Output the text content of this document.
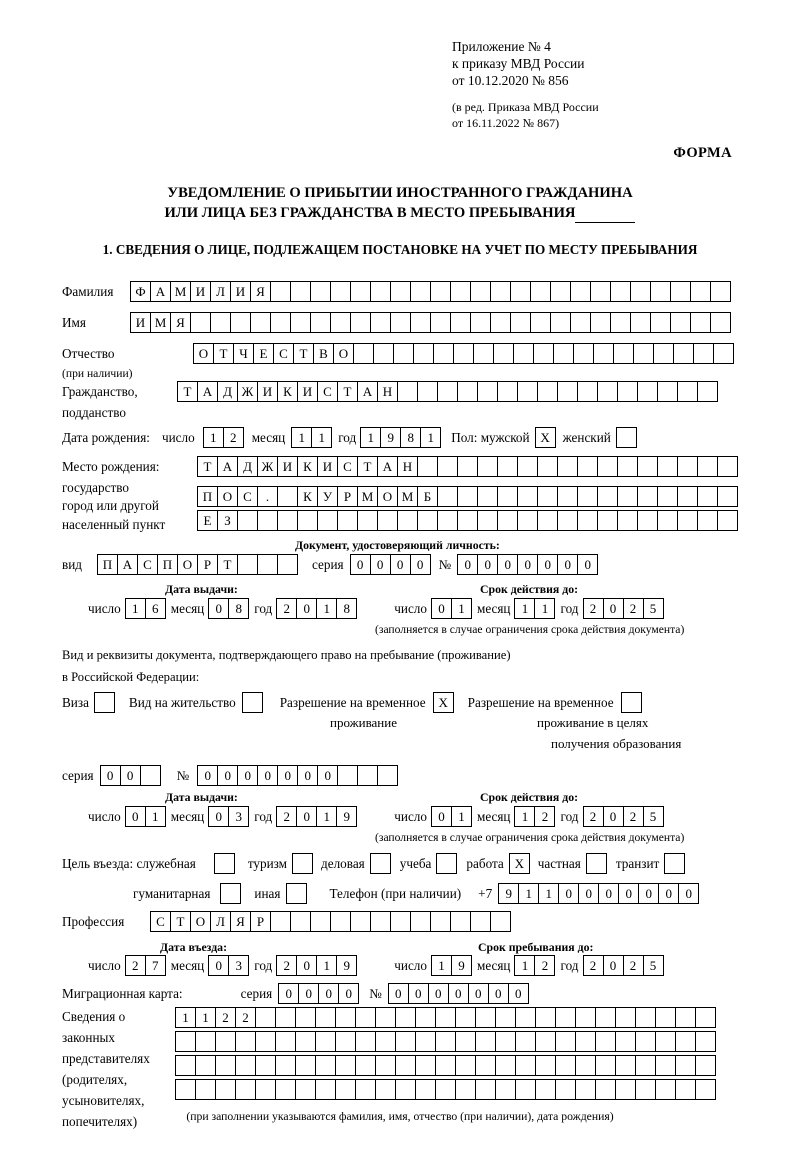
Приложение № 4
к приказу МВД России
от 10.12.2020 № 856
(в ред. Приказа МВД России
от 16.11.2022 № 867)
ФОРМА
УВЕДОМЛЕНИЕ О ПРИБЫТИИ ИНОСТРАННОГО ГРАЖДАНИНА
ИЛИ ЛИЦА БЕЗ ГРАЖДАНСТВА В МЕСТО ПРЕБЫВАНИЯ
1. СВЕДЕНИЯ О ЛИЦЕ, ПОДЛЕЖАЩЕМ ПОСТАНОВКЕ НА УЧЕТ ПО МЕСТУ ПРЕБЫВАНИЯ
Фамилия	Ф А М И Л И Я
Имя	И М Я
Отчество	О Т Ч Е С Т В О
(при наличии)
Гражданство,	Т А Д Ж И К И С Т А Н
подданство
Дата рождения: число	1	2	месяц	1	1	год 1	9	8	1	Пол: мужской X женский
Место рождения:	Т А Д Ж И К И С Т А Н
государство
П О С	.	К У Р М О М Б
город или другой
Е З
населенный пункт
Документ, удостоверяющий личность:
вид	П А С П О Р Т	серия	0	0	0	0	№	0	0	0	0	0	0	0
Дата выдачи:	Срок действия до:
число 1	6 месяц 0	8 год 2	0	1	8	число 0	1 месяц 1	1 год 2	0	2	5
(заполняется в случае ограничения срока действия документа)
Вид и реквизиты документа, подтверждающего право на пребывание (проживание)
в Российской Федерации:
Виза	Вид на жительство	Разрешение на временное X	Разрешение на временное
проживание	проживание в целях
получения образования
серия	0	0	№	0	0	0	0	0	0	0
Дата выдачи:	Срок действия до:
число 0	1 месяц 0	3 год 2	0	1	9	число 0	1 месяц 1	2 год 2	0	2	5
(заполняется в случае ограничения срока действия документа)
Цель въезда: служебная	туризм	деловая	учеба	работа X	частная	транзит
гуманитарная	иная	Телефон (при наличии) +7	9	1	1	0	0	0	0	0	0	0
Профессия	С Т О Л Я Р
Дата въезда:	Срок пребывания до:
число 2	7 месяц 0	3 год 2	0	1	9	число 1	9 месяц 1	2 год 2	0	2	5
Миграционная карта:	серия	0	0	0	0	№	0	0	0	0	0	0	0
Сведения о
законных
представителях
(родителях,
усыновителях,
попечителях)
1	1	2	2
(при заполнении указываются фамилия, имя, отчество (при наличии), дата рождения)
